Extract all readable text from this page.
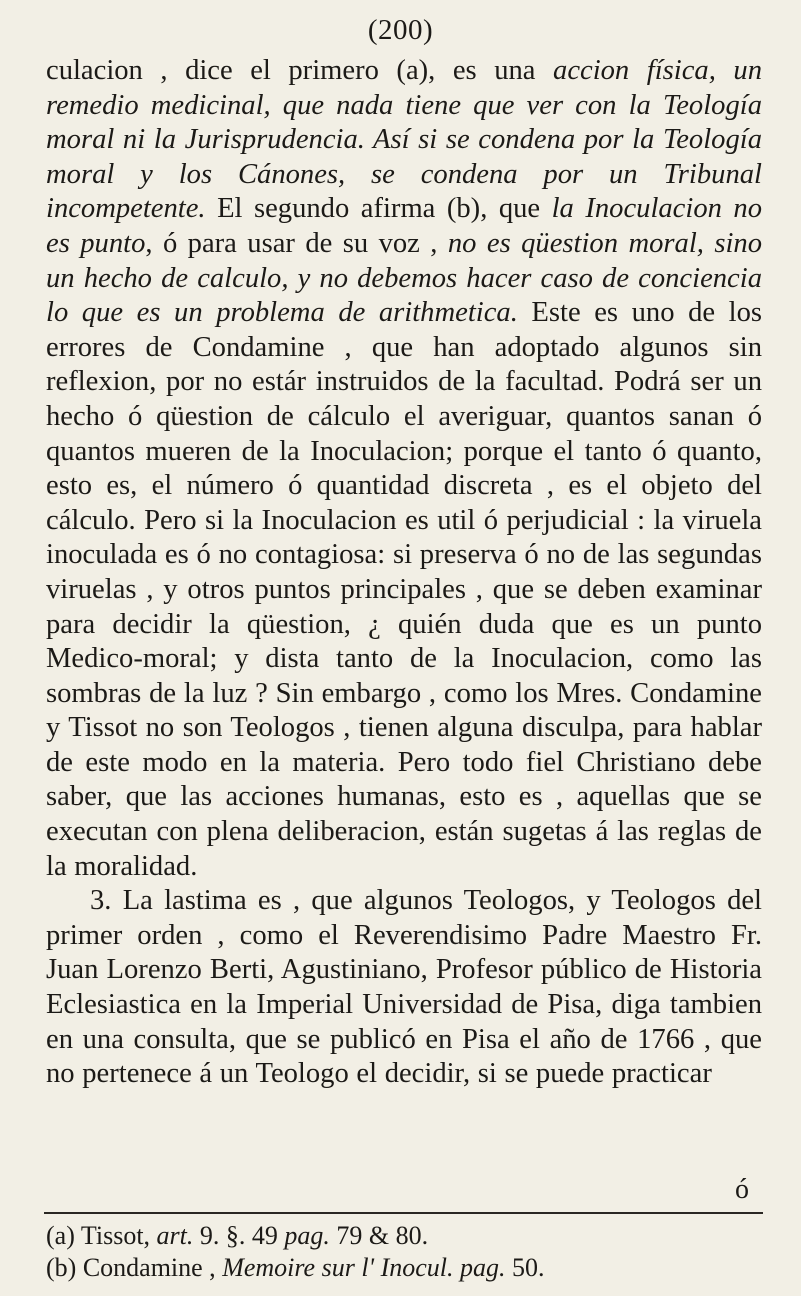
(200)

culacion , dice el primero (a), es una accion física, un remedio medicinal, que nada tiene que ver con la Teología moral ni la Jurisprudencia. Así si se condena por la Teología moral y los Cánones, se condena por un Tribunal incompetente. El segundo afirma (b), que la Inoculacion no es punto, ó para usar de su voz , no es qüestion moral, sino un hecho de calculo, y no debemos hacer caso de conciencia lo que es un problema de arithmetica. Este es uno de los errores de Condamine , que han adoptado algunos sin reflexion, por no estár instruidos de la facultad. Podrá ser un hecho ó qüestion de cálculo el averiguar, quantos sanan ó quantos mueren de la Inoculacion; porque el tanto ó quanto, esto es, el número ó quantidad discreta , es el objeto del cálculo. Pero si la Inoculacion es util ó perjudicial : la viruela inoculada es ó no contagiosa: si preserva ó no de las segundas viruelas , y otros puntos principales , que se deben examinar para decidir la qüestion, ¿ quién duda que es un punto Medico-moral; y dista tanto de la Inoculacion, como las sombras de la luz ? Sin embargo , como los Mres. Condamine y Tissot no son Teologos , tienen alguna disculpa, para hablar de este modo en la materia. Pero todo fiel Christiano debe saber, que las acciones humanas, esto es , aquellas que se executan con plena deliberacion, están sugetas á las reglas de la moralidad.

3. La lastima es , que algunos Teologos, y Teologos del primer orden , como el Reverendisimo Padre Maestro Fr. Juan Lorenzo Berti, Agustiniano, Profesor público de Historia Eclesiastica en la Imperial Universidad de Pisa, diga tambien en una consulta, que se publicó en Pisa el año de 1766 , que no pertenece á un Teologo el decidir, si se puede practicar

ó

(a) Tissot, art. 9. §. 49 pag. 79 & 80.

(b) Condamine , Memoire sur l' Inocul. pag. 50.
